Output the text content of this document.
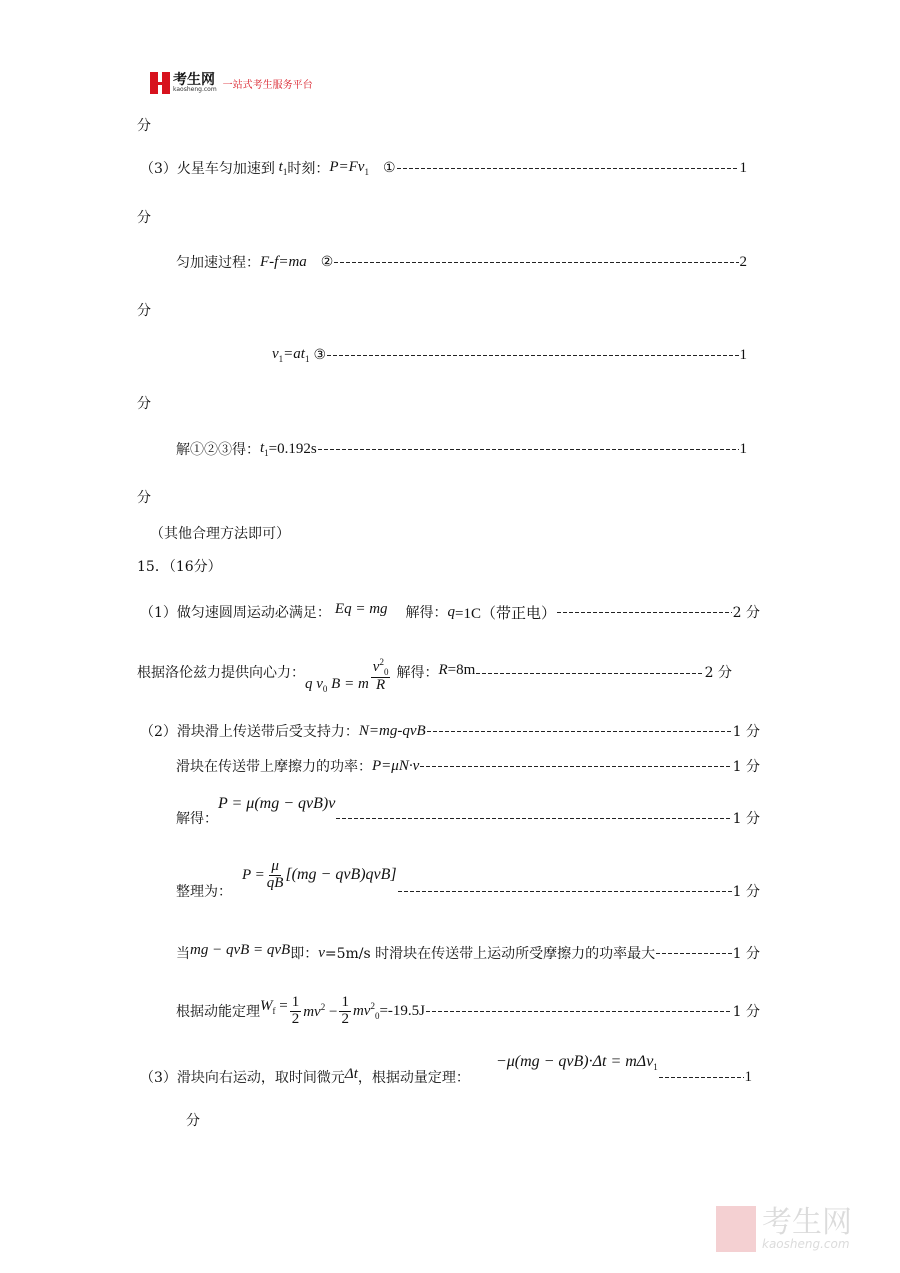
考生网
kaosheng.com 一站式考生服务平台
分
（3）火星车匀加速到 $t_1$ 时刻： $P=Fv_1$ ①	1
分
匀加速过程： F-f=ma ②	2
分
$v_1=at_1$ ③	1
分
解①②③得： $t_1 =0.192s$	1
分
（其他合理方法即可）
15．（16分）
（1）做匀速圆周运动必满足： Eq = mg 解得： q =1C（带正电）	2 分
根据洛伦兹力提供向心力：
q $v_0$ B = m $\frac{v^2_0}{R}$ 解得： R =8m	2 分
（2）滑块滑上传送带后受支持力： N=mg-qvB	1 分
滑块在传送带上摩擦力的功率： P=μN·v	1 分
解得：
P = μ(mg − qvB)v
1 分
整理为：
$P = \frac{\mu}{qB} [(mg - qvB)qvB]$
1 分
当 mg − qvB = qvB 即： v =5m/s 时滑块在传送带上运动所受摩擦力的功率最大	1 分
根据动能定理 $W_f = \frac{1}{2} mv^2 - \frac{1}{2} mv^2_0 =-19.5J$	1 分
（3）滑块向右运动，取时间微元 Δt ，根据动量定理：
−μ(mg − qvB)·Δt = mΔv$_1$
1
分
考生网
kaosheng.com
